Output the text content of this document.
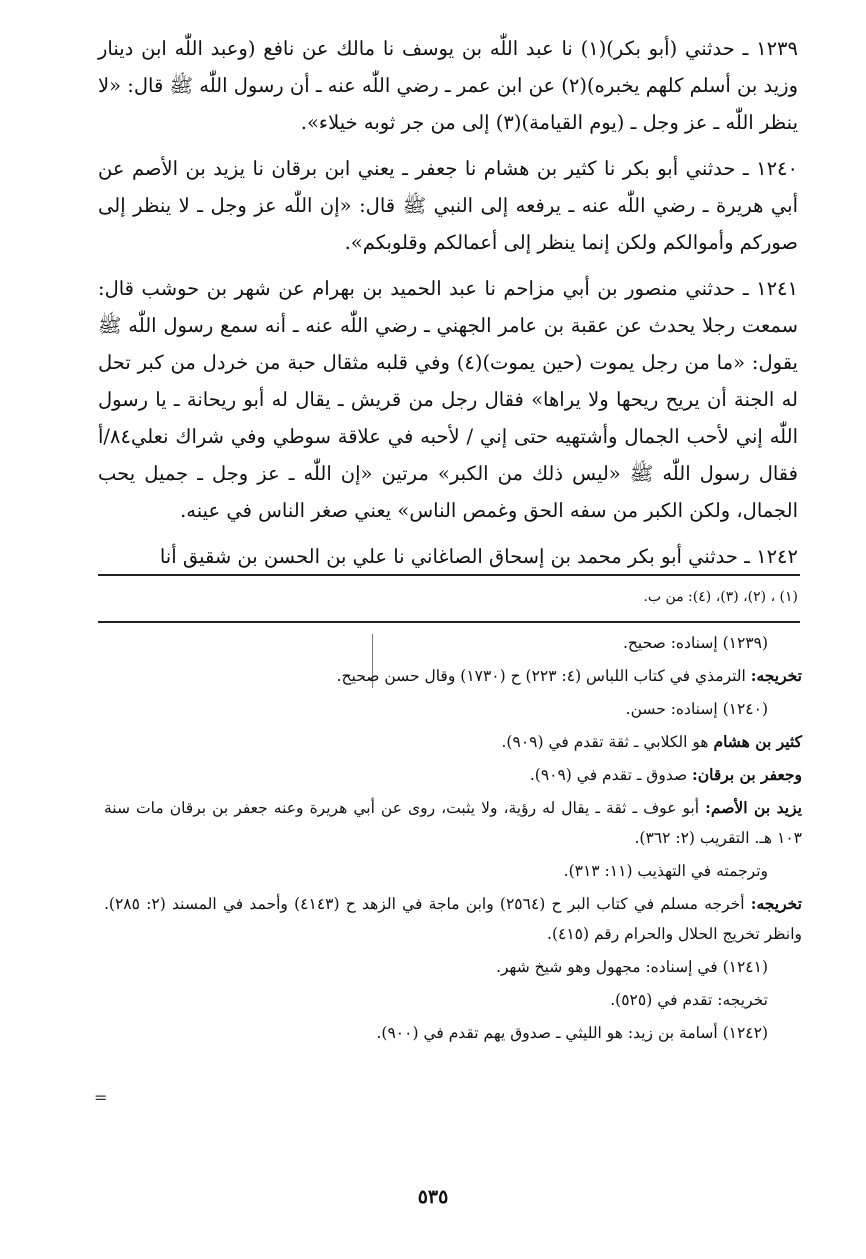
١٢٣٩ ـ حدثني (أبو بكر)(١) نا عبد اللّٰه بن يوسف نا مالك عن نافع (وعبد اللّٰه ابن دينار وزيد بن أسلم كلهم يخبره)(٢) عن ابن عمر ـ رضي اللّٰه عنه ـ أن رسول اللّٰه ﷺ قال: «لا ينظر اللّٰه ـ عز وجل ـ (يوم القيامة)(٣) إلى من جر ثوبه خيلاء».

١٢٤٠ ـ حدثني أبو بكر نا كثير بن هشام نا جعفر ـ يعني ابن برقان نا يزيد بن الأصم عن أبي هريرة ـ رضي اللّٰه عنه ـ يرفعه إلى النبي ﷺ قال: «إن اللّٰه عز وجل ـ لا ينظر إلى صوركم وأموالكم ولكن إنما ينظر إلى أعمالكم وقلوبكم».

١٢٤١ ـ حدثني منصور بن أبي مزاحم نا عبد الحميد بن بهرام عن شهر بن حوشب قال: سمعت رجلا يحدث عن عقبة بن عامر الجهني ـ رضي اللّٰه عنه ـ أنه سمع رسول اللّٰه ﷺ يقول: «ما من رجل يموت (حين يموت)(٤) وفي قلبه مثقال حبة من خردل من كبر تحل له الجنة أن يريح ريحها ولا يراها» فقال رجل من قريش ـ يقال له أبو ريحانة ـ يا رسول اللّٰه إني لأحب الجمال وأشتهيه حتى إني / لأحبه في علاقة سوطي وفي شراك نعلي٨٤/أ فقال رسول اللّٰه ﷺ «ليس ذلك من الكبر» مرتين «إن اللّٰه ـ عز وجل ـ جميل يحب الجمال، ولكن الكبر من سفه الحق وغمص الناس» يعني صغر الناس في عينه.

١٢٤٢ ـ حدثني أبو بكر محمد بن إسحاق الصاغاني نا علي بن الحسن بن شقيق أنا

(١) ، (٢)، (٣)، (٤): من ب.

(١٢٣٩) إسناده: صحيح.

تخريجه: الترمذي في كتاب اللباس (٤: ٢٢٣) ح (١٧٣٠) وقال حسن صحيح.

(١٢٤٠) إسناده: حسن.

كثير بن هشام هو الكلابي ـ ثقة تقدم في (٩٠٩).

وجعفر بن برقان: صدوق ـ تقدم في (٩٠٩).

يزيد بن الأصم: أبو عوف ـ ثقة ـ يقال له رؤية، ولا يثبت، روى عن أبي هريرة وعنه جعفر بن برقان مات سنة ١٠٣ هـ. التقريب (٢: ٣٦٢).

وترجمته في التهذيب (١١: ٣١٣).

تخريجه: أخرجه مسلم في كتاب البر ح (٢٥٦٤) وابن ماجة في الزهد ح (٤١٤٣) وأحمد في المسند (٢: ٢٨٥). وانظر تخريج الحلال والحرام رقم (٤١٥).

(١٢٤١) في إسناده: مجهول وهو شيخ شهر.

تخريجه: تقدم في (٥٢٥).

(١٢٤٢) أسامة بن زيد: هو الليثي ـ صدوق يهم تقدم في (٩٠٠).

=
٥٣٥
